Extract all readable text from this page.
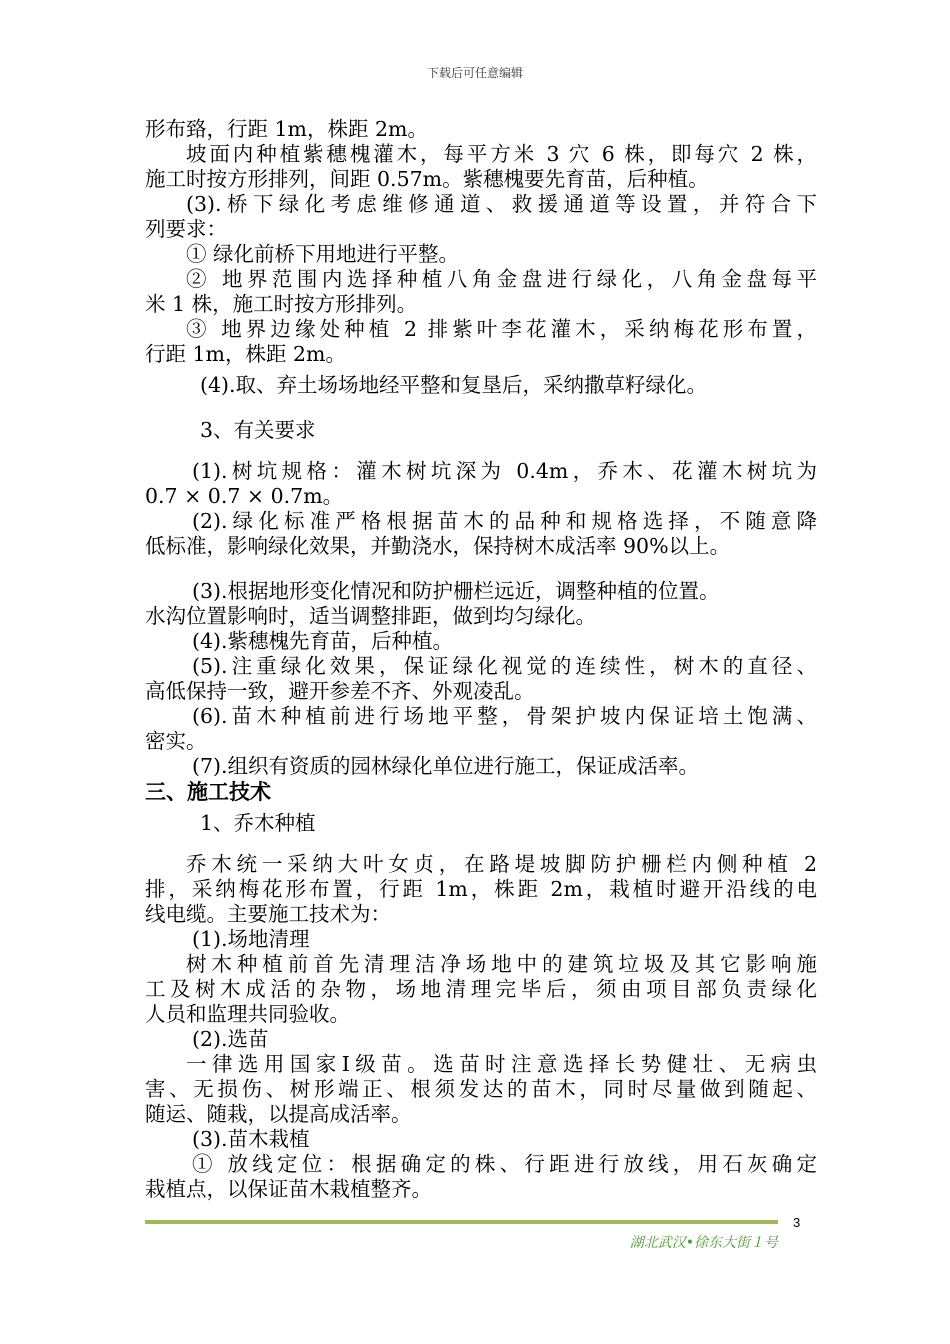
下载后可任意编辑
形布臵，行距 1m，株距 2m。
坡面内种植紫穗槐灌木，每平方米 3 穴 6 株，即每穴 2 株，
施工时按方形排列，间距 0.57m。紫穗槐要先育苗，后种植。
(3).桥下绿化考虑维修通道、救援通道等设置，并符合下
列要求：
① 绿化前桥下用地进行平整。
② 地界范围内选择种植八角金盘进行绿化，八角金盘每平
米 1 株，施工时按方形排列。
③ 地界边缘处种植 2 排紫叶李花灌木，采纳梅花形布置，
行距 1m，株距 2m。
(4).取、弃土场场地经平整和复垦后，采纳撒草籽绿化。
3、有关要求
(1).树坑规格：灌木树坑深为 0.4m，乔木、花灌木树坑为
0.7 × 0.7 × 0.7m。
(2).绿化标准严格根据苗木的品种和规格选择，不随意降
低标准，影响绿化效果，并勤浇水，保持树木成活率 90%以上。
(3).根据地形变化情况和防护栅栏远近，调整种植的位置。
水沟位置影响时，适当调整排距，做到均匀绿化。
(4).紫穗槐先育苗，后种植。
(5).注重绿化效果，保证绿化视觉的连续性，树木的直径、
高低保持一致，避开参差不齐、外观凌乱。
(6).苗木种植前进行场地平整，骨架护坡内保证培土饱满、
密实。
(7).组织有资质的园林绿化单位进行施工，保证成活率。
三、施工技术
1、乔木种植
乔木统一采纳大叶女贞，在路堤坡脚防护栅栏内侧种植 2
排，采纳梅花形布置，行距 1m，株距 2m，栽植时避开沿线的电
线电缆。主要施工技术为：
(1).场地清理
树木种植前首先清理洁净场地中的建筑垃圾及其它影响施
工及树木成活的杂物，场地清理完毕后，须由项目部负责绿化
人员和监理共同验收。
(2).选苗
一律选用国家Ⅰ级苗。选苗时注意选择长势健壮、无病虫
害、无损伤、树形端正、根须发达的苗木，同时尽量做到随起、
随运、随栽，以提高成活率。
(3).苗木栽植
① 放线定位：根据确定的株、行距进行放线，用石灰确定
栽植点，以保证苗木栽植整齐。
3
湖北武汉•徐东大街１号
